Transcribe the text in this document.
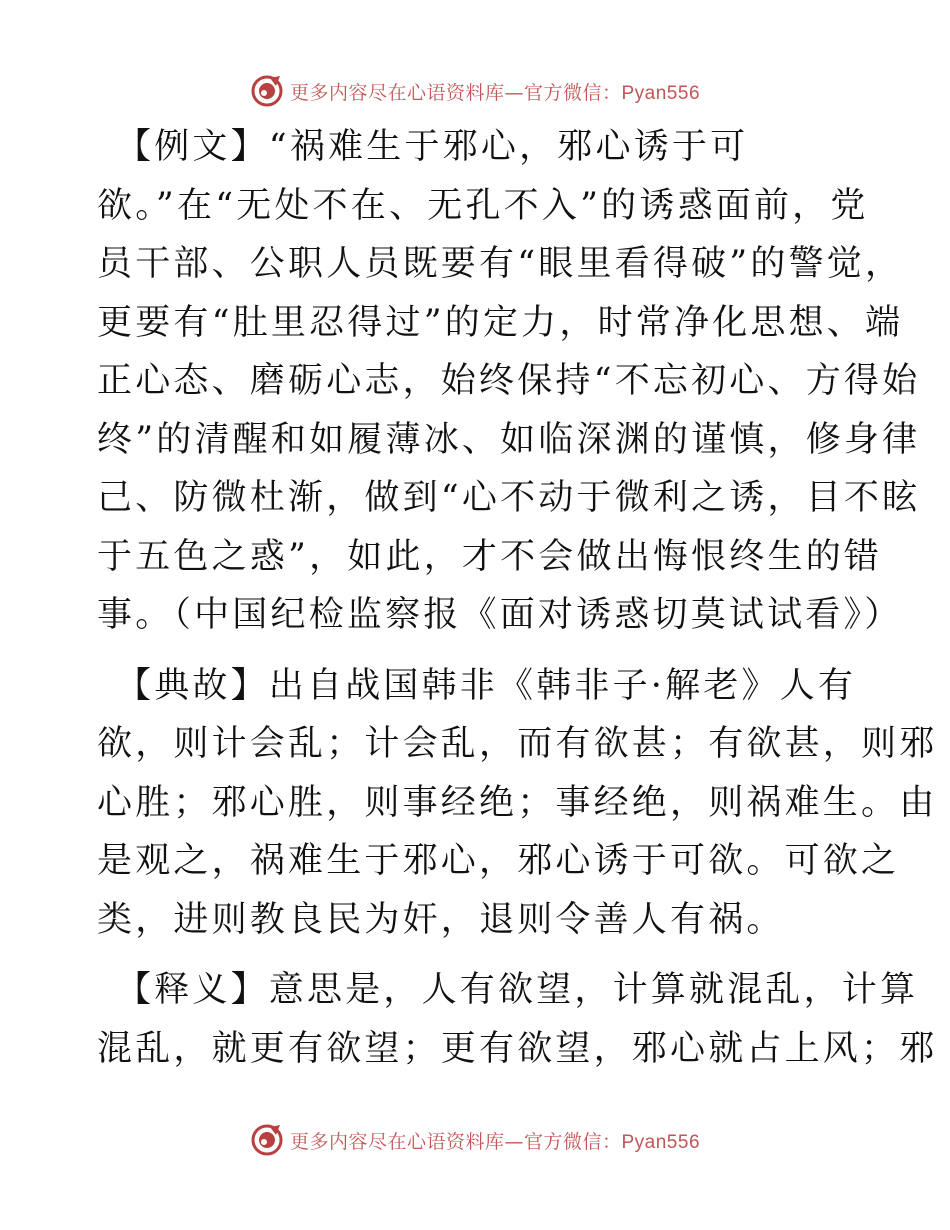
更多内容尽在心语资料库—官方微信：Pyan556

【例文】“祸难生于邪心，邪心诱于可
欲。”在“无处不在、无孔不入”的诱惑面前，党
员干部、公职人员既要有“眼里看得破”的警觉，
更要有“肚里忍得过”的定力，时常净化思想、端
正心态、磨砺心志，始终保持“不忘初心、方得始
终”的清醒和如履薄冰、如临深渊的谨慎，修身律
己、防微杜渐，做到“心不动于微利之诱，目不眩
于五色之惑”，如此，才不会做出悔恨终生的错
事。（中国纪检监察报《面对诱惑切莫试试看》）

【典故】出自战国韩非《韩非子·解老》人有
欲，则计会乱；计会乱，而有欲甚；有欲甚，则邪
心胜；邪心胜，则事经绝；事经绝，则祸难生。由
是观之，祸难生于邪心，邪心诱于可欲。可欲之
类，进则教良民为奸，退则令善人有祸。

【释义】意思是，人有欲望，计算就混乱，计算
混乱，就更有欲望；更有欲望，邪心就占上风；邪

更多内容尽在心语资料库—官方微信：Pyan556
